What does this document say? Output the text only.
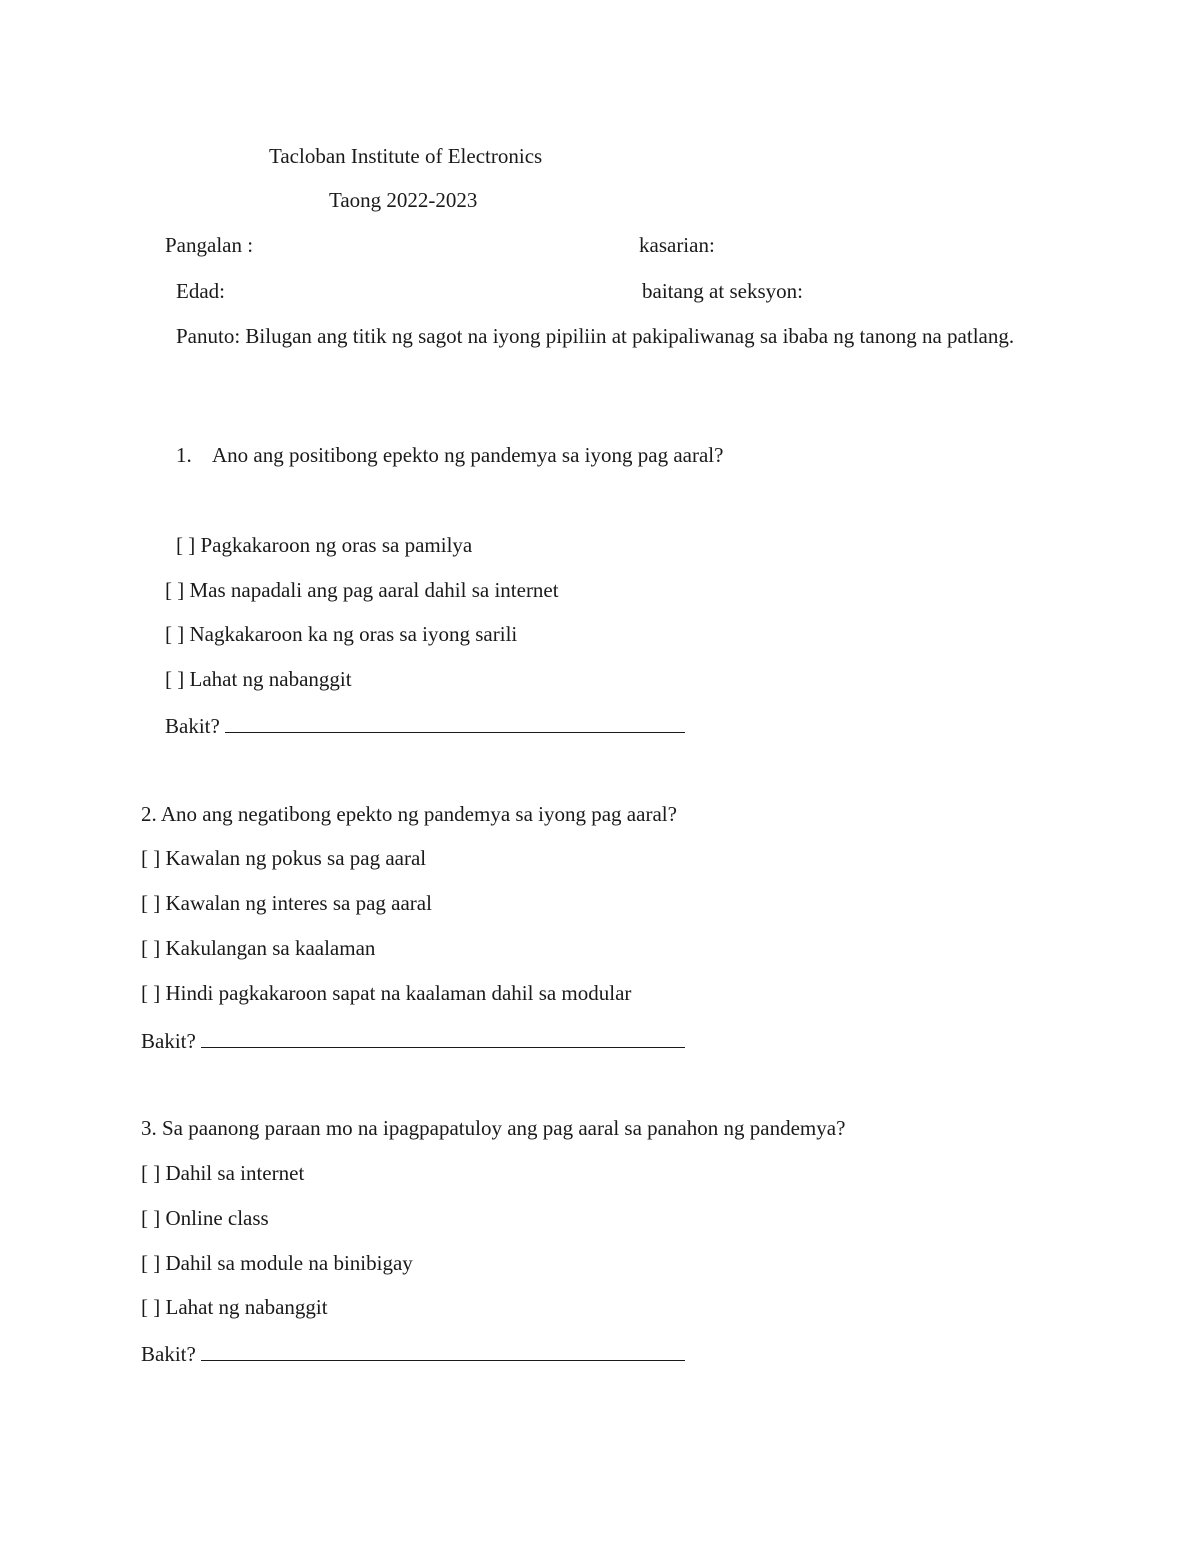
Tacloban Institute of Electronics
Taong 2022-2023
Pangalan :	kasarian:
Edad:	baitang at seksyon:
Panuto: Bilugan ang titik ng sagot na iyong pipiliin at pakipaliwanag sa ibaba ng tanong na patlang.
1. Ano ang positibong epekto ng pandemya sa iyong pag aaral?
[ ] Pagkakaroon ng oras sa pamilya
[ ] Mas napadali ang pag aaral dahil sa internet
[ ] Nagkakaroon ka ng oras sa iyong sarili
[ ] Lahat ng nabanggit
Bakit?
2. Ano ang negatibong epekto ng pandemya sa iyong pag aaral?
[ ] Kawalan ng pokus sa pag aaral
[ ] Kawalan ng interes sa pag aaral
[ ] Kakulangan sa kaalaman
[ ] Hindi pagkakaroon sapat na kaalaman dahil sa modular
Bakit?
3. Sa paanong paraan mo na ipagpapatuloy ang pag aaral sa panahon ng pandemya?
[ ] Dahil sa internet
[ ] Online class
[ ] Dahil sa module na binibigay
[ ] Lahat ng nabanggit
Bakit?
